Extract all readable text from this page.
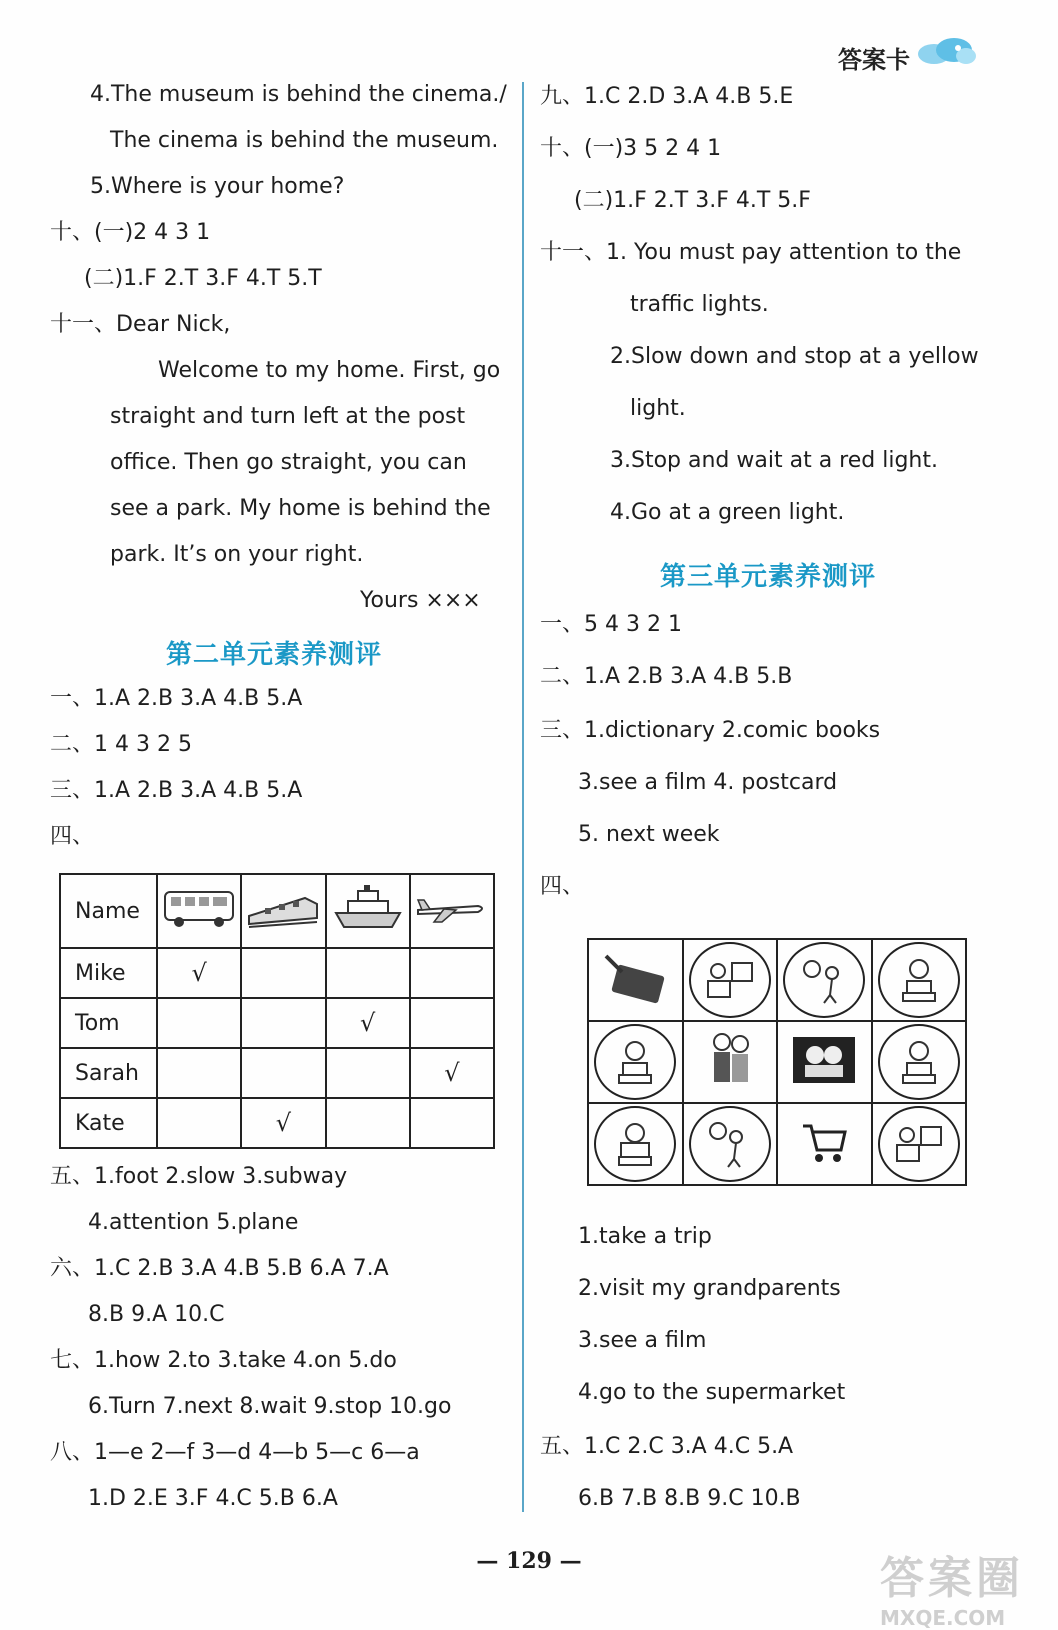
答案卡
4.The museum is behind the cinema./
The cinema is behind the museum.
5.Where is your home?
十、(一)2 4 3 1
(二)1.F 2.T 3.F 4.T 5.T
十一、Dear Nick,
Welcome to my home. First, go
straight and turn left at the post
office. Then go straight, you can
see a park. My home is behind the
park. It’s on your right.
Yours ×××
第二单元素养测评
一、1.A 2.B 3.A 4.B 5.A
二、1 4 3 2 5
三、1.A 2.B 3.A 4.B 5.A
四、
Name				
Mike	√			
Tom			√	
Sarah				√
Kate		√		
五、1.foot 2.slow 3.subway
4.attention 5.plane
六、1.C 2.B 3.A 4.B 5.B 6.A 7.A
8.B 9.A 10.C
七、1.how 2.to 3.take 4.on 5.do
6.Turn 7.next 8.wait 9.stop 10.go
八、1—e 2—f 3—d 4—b 5—c 6—a
1.D 2.E 3.F 4.C 5.B 6.A
九、1.C 2.D 3.A 4.B 5.E
十、(一)3 5 2 4 1
(二)1.F 2.T 3.F 4.T 5.F
十一、1. You must pay attention to the
traffic lights.
2.Slow down and stop at a yellow
light.
3.Stop and wait at a red light.
4.Go at a green light.
第三单元素养测评
一、5 4 3 2 1
二、1.A 2.B 3.A 4.B 5.B
三、1.dictionary 2.comic books
3.see a film 4. postcard
5. next week
四、

1.take a trip
2.visit my grandparents
3.see a film
4.go to the supermarket
五、1.C 2.C 3.A 4.C 5.A
6.B 7.B 8.B 9.C 10.B
— 129 —	答案圈
MXQE.COM
